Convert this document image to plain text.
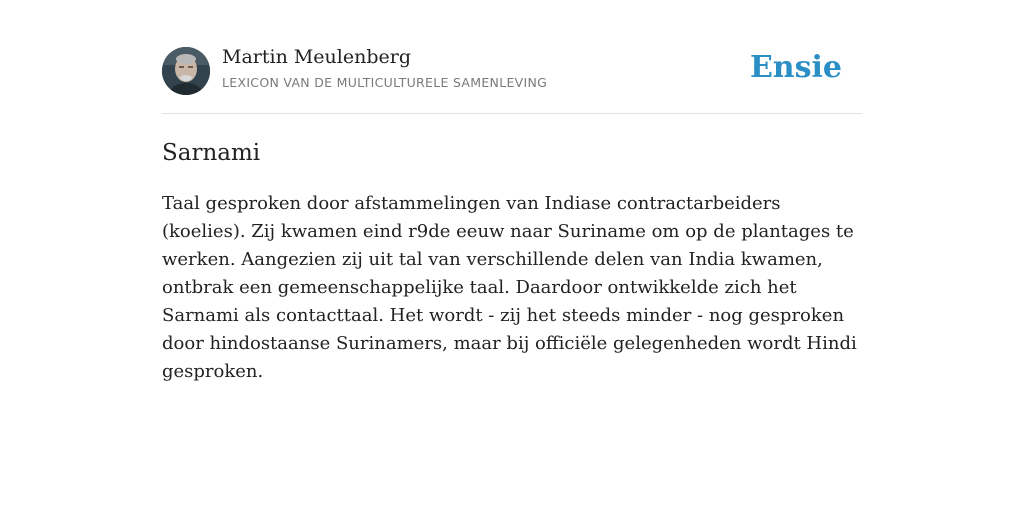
Martin Meulenberg
LEXICON VAN DE MULTICULTURELE SAMENLEVING	Ensie
Sarnami

Taal gesproken door afstammelingen van Indiase contractarbeiders (koelies). Zij kwamen eind r9de eeuw naar Suriname om op de plantages te werken. Aangezien zij uit tal van verschillende delen van India kwamen, ontbrak een gemeenschappelijke taal. Daardoor ontwikkelde zich het Sarnami als contacttaal. Het wordt - zij het steeds minder - nog gesproken door hindostaanse Surinamers, maar bij officiële gelegenheden wordt Hindi gesproken.
